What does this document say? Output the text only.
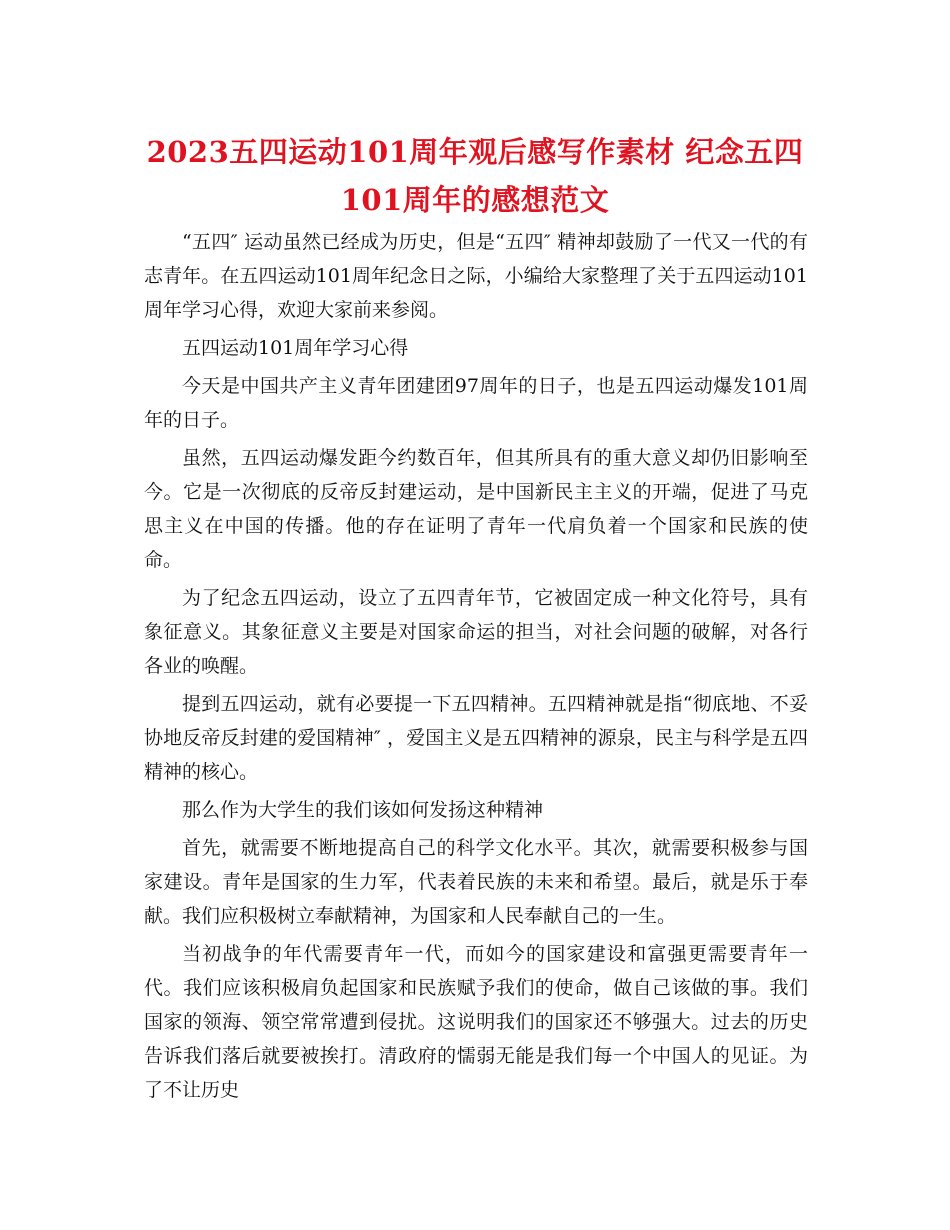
2023五四运动101周年观后感写作素材 纪念五四101周年的感想范文

“五四″ 运动虽然已经成为历史，但是“五四″ 精神却鼓励了一代又一代的有志青年。在五四运动101周年纪念日之际，小编给大家整理了关于五四运动101周年学习心得，欢迎大家前来参阅。

五四运动101周年学习心得

今天是中国共产主义青年团建团97周年的日子，也是五四运动爆发101周年的日子。

虽然，五四运动爆发距今约数百年，但其所具有的重大意义却仍旧影响至今。它是一次彻底的反帝反封建运动，是中国新民主主义的开端，促进了马克思主义在中国的传播。他的存在证明了青年一代肩负着一个国家和民族的使命。

为了纪念五四运动，设立了五四青年节，它被固定成一种文化符号，具有象征意义。其象征意义主要是对国家命运的担当，对社会问题的破解，对各行各业的唤醒。

提到五四运动，就有必要提一下五四精神。五四精神就是指“彻底地、不妥协地反帝反封建的爱国精神″ ，爱国主义是五四精神的源泉，民主与科学是五四精神的核心。

那么作为大学生的我们该如何发扬这种精神

首先，就需要不断地提高自己的科学文化水平。其次，就需要积极参与国家建设。青年是国家的生力军，代表着民族的未来和希望。最后，就是乐于奉献。我们应积极树立奉献精神，为国家和人民奉献自己的一生。

当初战争的年代需要青年一代，而如今的国家建设和富强更需要青年一代。我们应该积极肩负起国家和民族赋予我们的使命，做自己该做的事。我们国家的领海、领空常常遭到侵扰。这说明我们的国家还不够强大。过去的历史告诉我们落后就要被挨打。清政府的懦弱无能是我们每一个中国人的见证。为了不让历史
